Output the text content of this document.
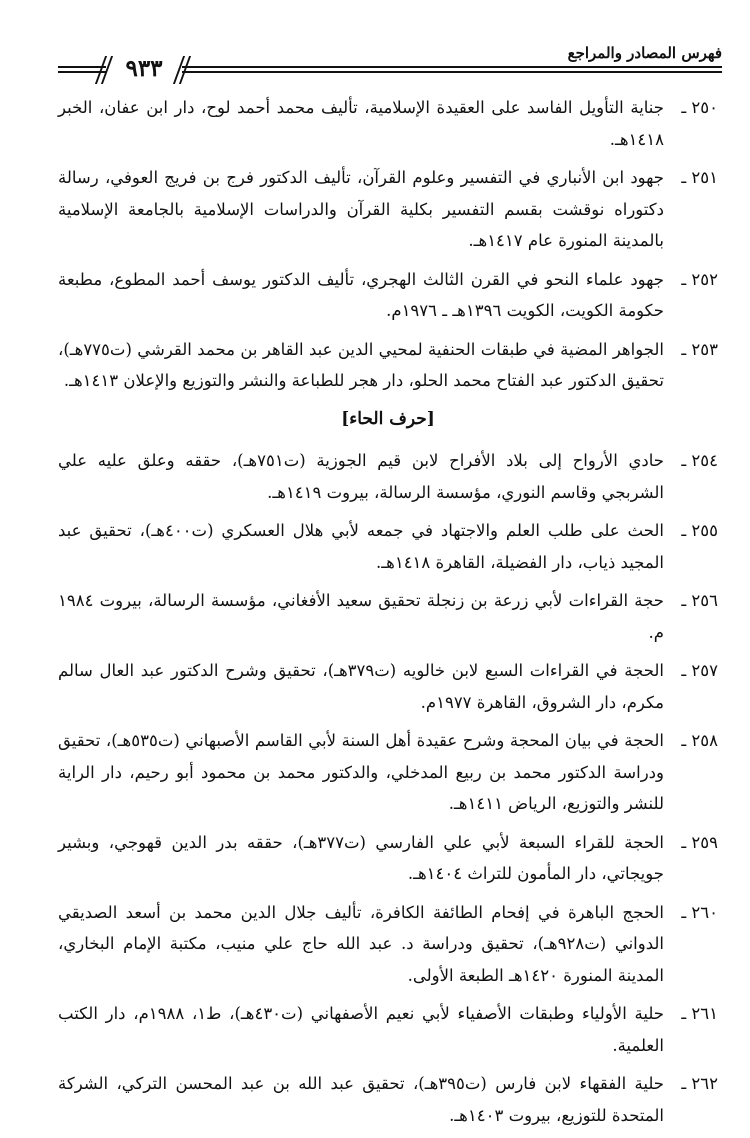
فهرس المصادر والمراجع
٩٣٣
٢٥٠ ـ
جناية التأويل الفاسد على العقيدة الإسلامية، تأليف محمد أحمد لوح، دار ابن عفان، الخبر ١٤١٨هـ.
٢٥١ ـ
جهود ابن الأنباري في التفسير وعلوم القرآن، تأليف الدكتور فرج بن فريج العوفي، رسالة دكتوراه نوقشت بقسم التفسير بكلية القرآن والدراسات الإسلامية بالجامعة الإسلامية بالمدينة المنورة عام ١٤١٧هـ.
٢٥٢ ـ
جهود علماء النحو في القرن الثالث الهجري، تأليف الدكتور يوسف أحمد المطوع، مطبعة حكومة الكويت، الكويت ١٣٩٦هـ ـ ١٩٧٦م.
٢٥٣ ـ
الجواهر المضية في طبقات الحنفية لمحيي الدين عبد القاهر بن محمد القرشي (ت٧٧٥هـ)، تحقيق الدكتور عبد الفتاح محمد الحلو، دار هجر للطباعة والنشر والتوزيع والإعلان ١٤١٣هـ.
[حرف الحاء]
٢٥٤ ـ
حادي الأرواح إلى بلاد الأفراح لابن قيم الجوزية (ت٧٥١هـ)، حققه وعلق عليه علي الشربجي وقاسم النوري، مؤسسة الرسالة، بيروت ١٤١٩هـ.
٢٥٥ ـ
الحث على طلب العلم والاجتهاد في جمعه لأبي هلال العسكري (ت٤٠٠هـ)، تحقيق عبد المجيد ذياب، دار الفضيلة، القاهرة ١٤١٨هـ.
٢٥٦ ـ
حجة القراءات لأبي زرعة بن زنجلة تحقيق سعيد الأفغاني، مؤسسة الرسالة، بيروت ١٩٨٤ م.
٢٥٧ ـ
الحجة في القراءات السبع لابن خالويه (ت٣٧٩هـ)، تحقيق وشرح الدكتور عبد العال سالم مكرم، دار الشروق، القاهرة ١٩٧٧م.
٢٥٨ ـ
الحجة في بيان المحجة وشرح عقيدة أهل السنة لأبي القاسم الأصبهاني (ت٥٣٥هـ)، تحقيق ودراسة الدكتور محمد بن ربيع المدخلي، والدكتور محمد بن محمود أبو رحيم، دار الراية للنشر والتوزيع، الرياض ١٤١١هـ.
٢٥٩ ـ
الحجة للقراء السبعة لأبي علي الفارسي (ت٣٧٧هـ)، حققه بدر الدين قهوجي، وبشير جويجاتي، دار المأمون للتراث ١٤٠٤هـ.
٢٦٠ ـ
الحجج الباهرة في إفحام الطائفة الكافرة، تأليف جلال الدين محمد بن أسعد الصديقي الدواني (ت٩٢٨هـ)، تحقيق ودراسة د. عبد الله حاج علي منيب، مكتبة الإمام البخاري، المدينة المنورة ١٤٢٠هـ الطبعة الأولى.
٢٦١ ـ
حلية الأولياء وطبقات الأصفياء لأبي نعيم الأصفهاني (ت٤٣٠هـ)، ط١، ١٩٨٨م، دار الكتب العلمية.
٢٦٢ ـ
حلية الفقهاء لابن فارس (ت٣٩٥هـ)، تحقيق عبد الله بن عبد المحسن التركي، الشركة المتحدة للتوزيع، بيروت ١٤٠٣هـ.
